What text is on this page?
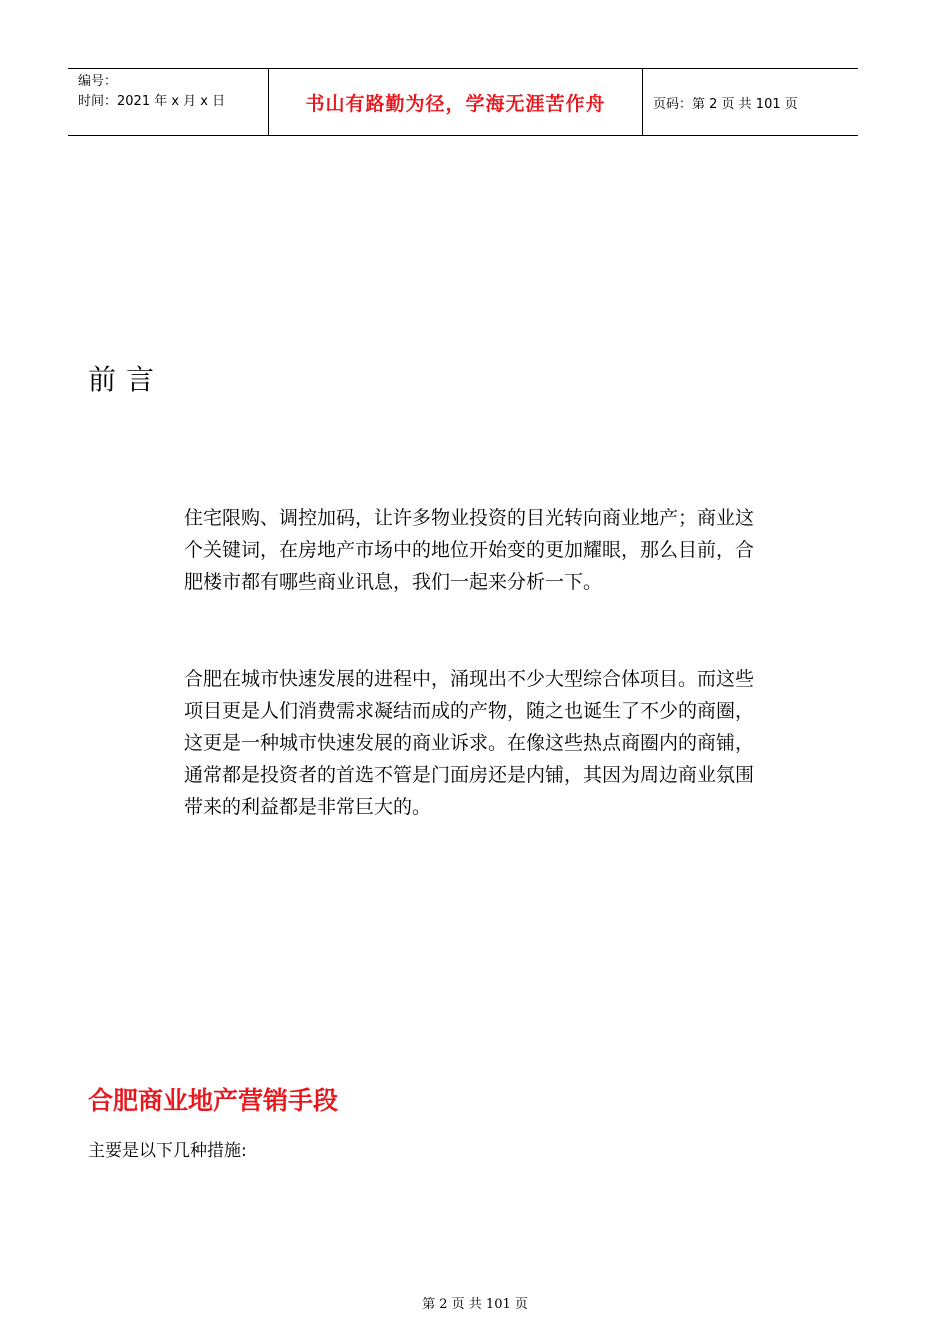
编号：
时间：2021 年 x 月 x 日	书山有路勤为径，学海无涯苦作舟	页码：第 2 页 共 101 页
前言

住宅限购、调控加码，让许多物业投资的目光转向商业地产；商业这个关键词，在房地产市场中的地位开始变的更加耀眼，那么目前，合肥楼市都有哪些商业讯息，我们一起来分析一下。

合肥在城市快速发展的进程中，涌现出不少大型综合体项目。而这些项目更是人们消费需求凝结而成的产物，随之也诞生了不少的商圈，这更是一种城市快速发展的商业诉求。在像这些热点商圈内的商铺，通常都是投资者的首选不管是门面房还是内铺，其因为周边商业氛围带来的利益都是非常巨大的。

合肥商业地产营销手段
主要是以下几种措施:
第 2 页 共 101 页
